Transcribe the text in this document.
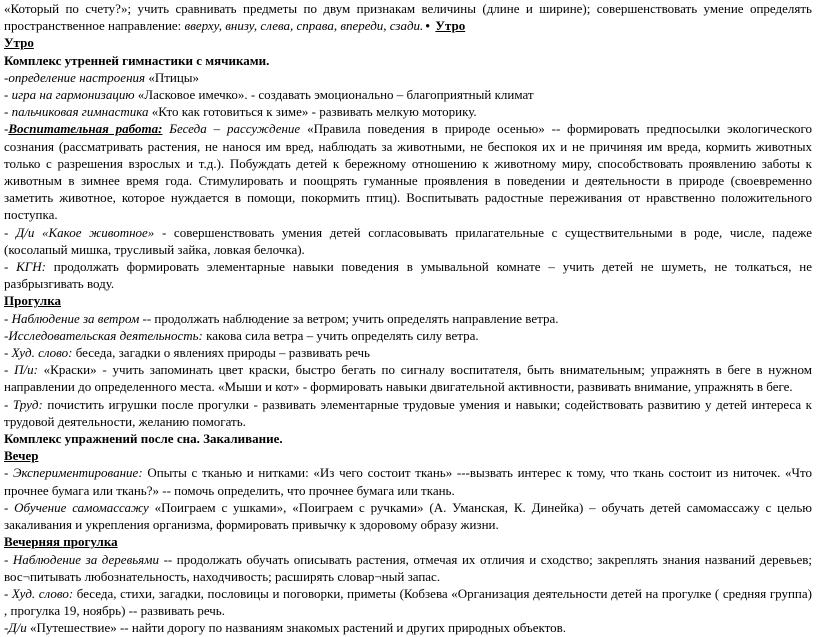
«Который по счету?»; учить сравнивать предметы по двум признакам величины (длине и ширине); совершенствовать умение определять пространственное направление: вверху, внизу, слева, справа, впереди, сзади.● Утро

Утро

Комплекс утренней гимнастики с мячиками.

-определение настроения «Птицы»

- игра на гармонизацию «Ласковое имечко». - создавать эмоционально – благоприятный климат

- пальчиковая гимнастика «Кто как готовиться к зиме» - развивать мелкую моторику.

-Воспитательная работа: Беседа – рассуждение «Правила поведения в природе осенью» -- формировать предпосылки экологического сознания (рассматривать растения, не нанося им вред, наблюдать за животными, не беспокоя их и не причиняя им вреда, кормить животных только с разрешения взрослых и т.д.). Побуждать детей к бережному отношению к животному миру, способствовать проявлению заботы к животным в зимнее время года. Стимулировать и поощрять гуманные проявления в поведении и деятельности в природе (своевременно заметить животное, которое нуждается в помощи, покормить птиц). Воспитывать радостные переживания от нравственно положительного поступка.

- Д/и «Какое животное» - совершенствовать умения детей согласовывать прилагательные с существительными в роде, числе, падеже (косолапый мишка, трусливый зайка, ловкая белочка).

- КГН: продолжать формировать элементарные навыки поведения в умывальной комнате – учить детей не шуметь, не толкаться, не разбрызгивать воду.

Прогулка

- Наблюдение за ветром -- продолжать наблюдение за ветром; учить определять направление ветра.

-Исследовательская деятельность: какова сила ветра – учить определять силу ветра.

- Худ. слово: беседа, загадки о явлениях природы – развивать речь

- П/и: «Краски» - учить запоминать цвет краски, быстро бегать по сигналу воспитателя, быть внимательным; упражнять в беге в нужном направлении до определенного места. «Мыши и кот» - формировать навыки двигательной активности, развивать внимание, упражнять в беге.

- Труд: почистить игрушки после прогулки - развивать элементарные трудовые умения и навыки; содействовать развитию у детей интереса к трудовой деятельности, желанию помогать.

Комплекс упражнений после сна. Закаливание.

Вечер

- Экспериментирование: Опыты с тканью и нитками: «Из чего состоит ткань» ---вызвать интерес к тому, что ткань состоит из ниточек. «Что прочнее бумага или ткань?» -- помочь определить, что прочнее бумага или ткань.

- Обучение самомассажу «Поиграем с ушками», «Поиграем с ручками» (А. Уманская, К. Динейка) – обучать детей самомассажу с целью закаливания и укрепления организма, формировать привычку к здоровому образу жизни.

Вечерняя прогулка

- Наблюдение за деревьями -- продолжать обучать описывать растения, отмечая их отличия и сходство; закреплять знания названий деревьев; вос¬питывать любознательность, находчивость; расширять словар¬ный запас.

- Худ. слово: беседа, стихи, загадки, пословицы и поговорки, приметы (Кобзева «Организация деятельности детей на прогулке ( средняя группа) , прогулка 19, ноябрь) -- развивать речь.

-Д/и «Путешествие» -- найти дорогу по названиям знакомых растений и других природных объектов.
